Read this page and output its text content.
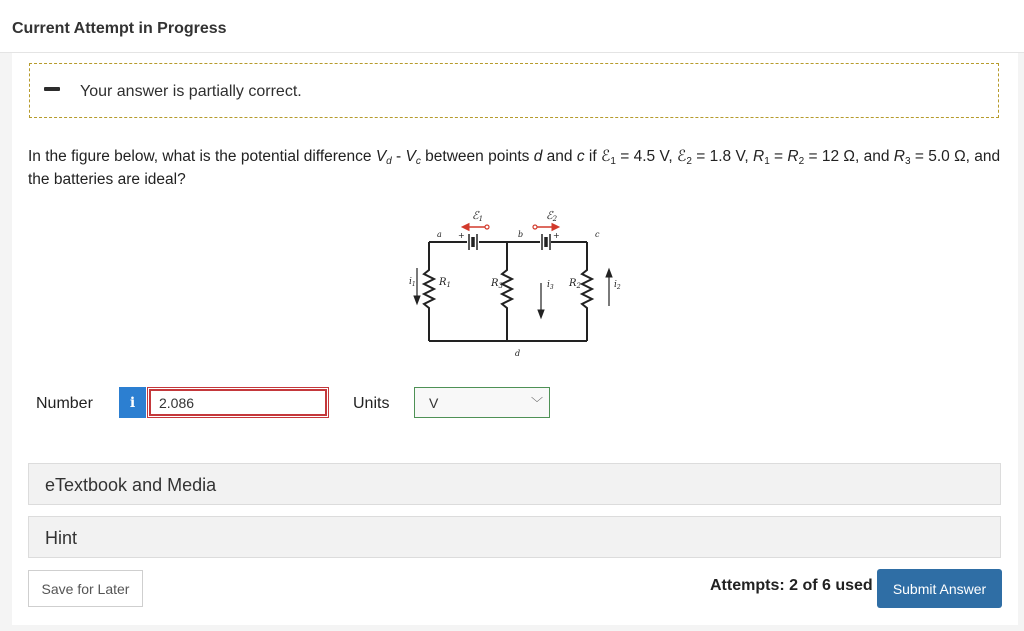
Current Attempt in Progress
Your answer is partially correct.
In the figure below, what is the potential difference $V_d - V_c$ between points d and c if ℰ$_1$ = 4.5 V, ℰ$_2$ = 1.8 V, $R_1 = R_2 = 12$ Ω, and $R_3 = 5.0$ Ω, and the batteries are ideal?
ℰ1	ℰ2
a	b	c
d
$R_1$	$R_3$	$R_2$
$i_1$	$i_3$	$i_2$
+	+
Number	i
2.086	Units	V	﹀
eTextbook and Media
Hint
Save for Later	Attempts: 2 of 6 used	Submit Answer
